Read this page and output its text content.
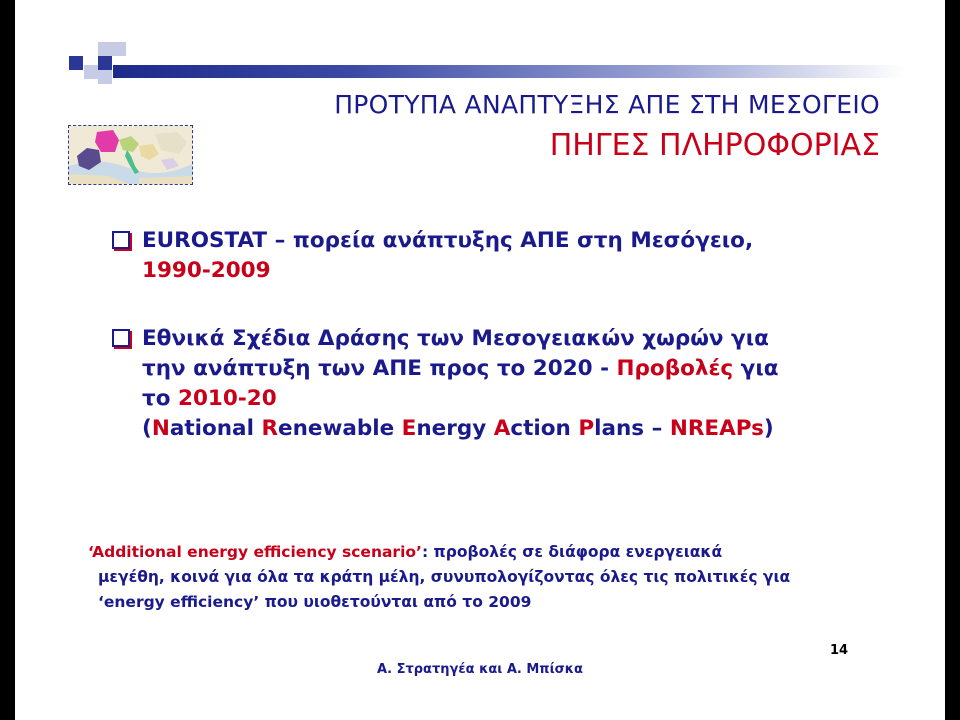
ΠΡΟΤΥΠΑ ΑΝΑΠΤΥΞΗΣ ΑΠΕ ΣΤΗ ΜΕΣΟΓΕΙΟ
ΠΗΓΕΣ ΠΛΗΡΟΦΟΡΙΑΣ
EUROSTAT – πορεία ανάπτυξης ΑΠΕ στη Μεσόγειο,
1990-2009
Εθνικά Σχέδια Δράσης των Μεσογειακών χωρών για
την ανάπτυξη των ΑΠΕ προς το 2020 - Προβολές για
το 2010-20
(National Renewable Energy Action Plans – NREAPs)
‘Additional energy efficiency scenario’: προβολές σε διάφορα ενεργειακά
μεγέθη, κοινά για όλα τα κράτη μέλη, συνυπολογίζοντας όλες τις πολιτικές για
‘energy efficiency’ που υιοθετούνται από το 2009
14
Α. Στρατηγέα και Α. Μπίσκα
